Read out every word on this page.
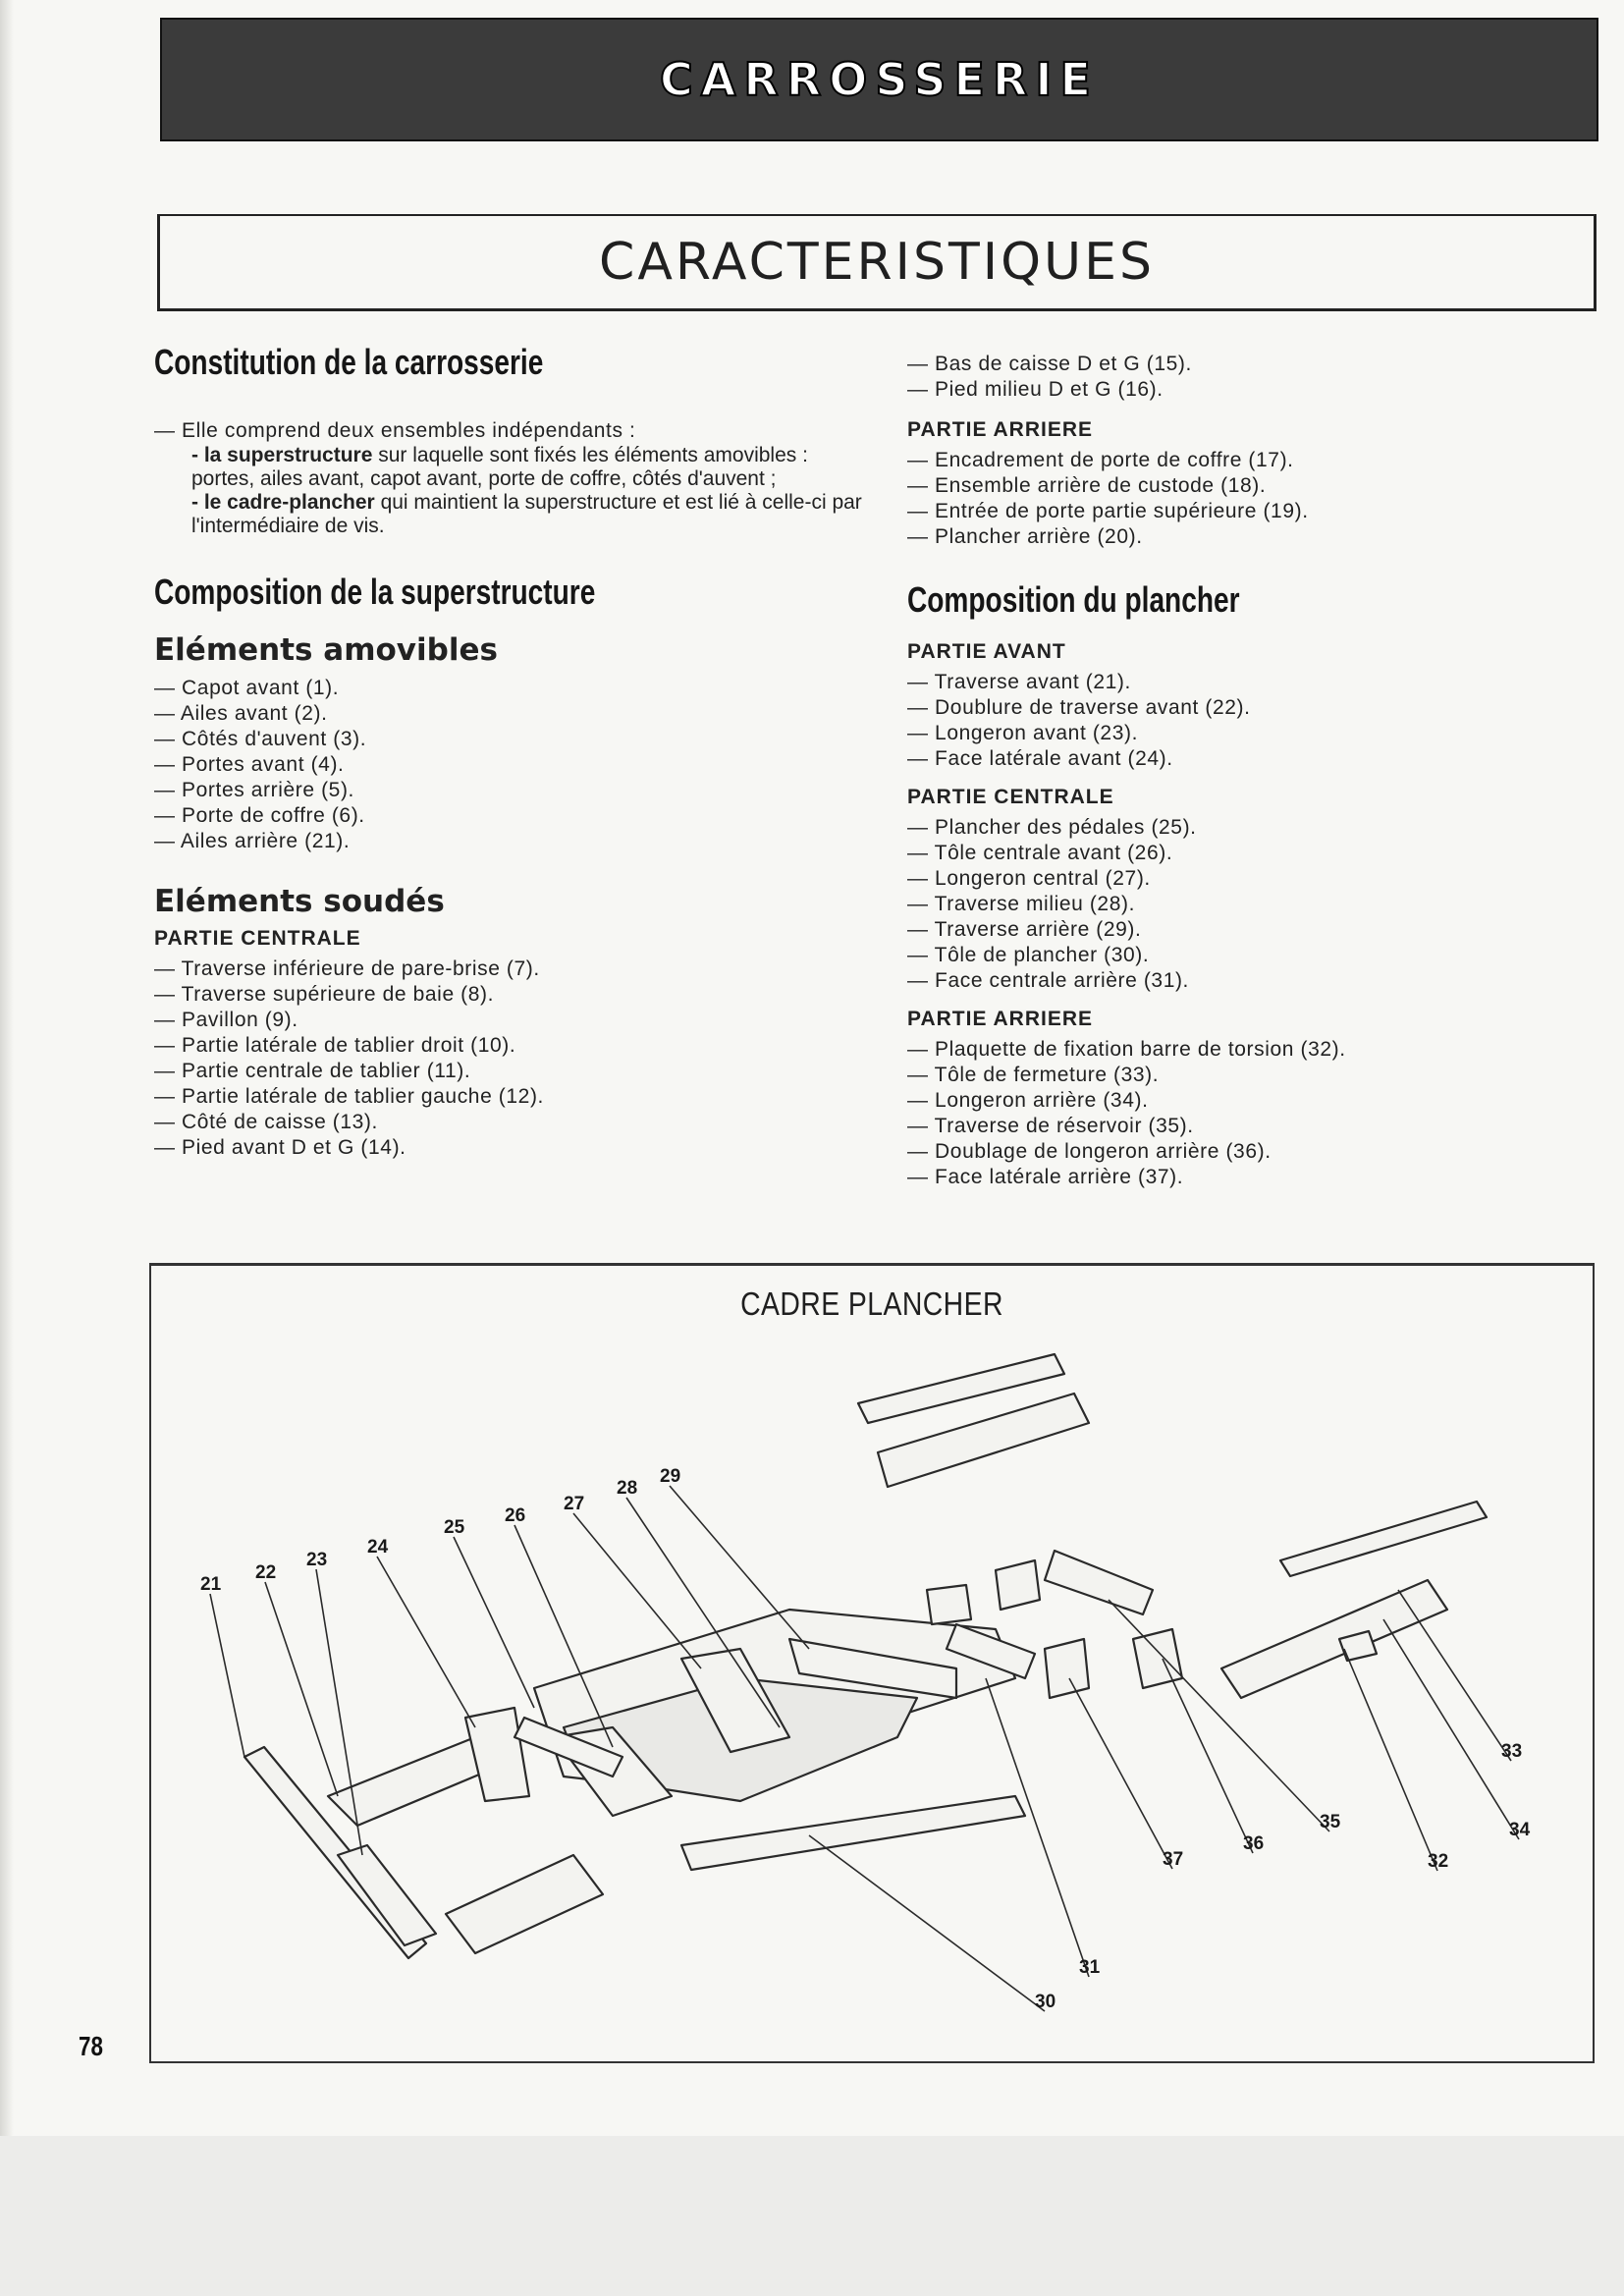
CARROSSERIE
CARACTERISTIQUES
Constitution de la carrosserie

— Elle comprend deux ensembles indépendants :

- la superstructure sur laquelle sont fixés les éléments amovibles : portes, ailes avant, capot avant, porte de coffre, côtés d'auvent ;

- le cadre-plancher qui maintient la superstructure et est lié à celle-ci par l'intermédiaire de vis.

Composition de la superstructure
Eléments amovibles

— Capot avant (1).

— Ailes avant (2).

— Côtés d'auvent (3).

— Portes avant (4).

— Portes arrière (5).

— Porte de coffre (6).

— Ailes arrière (21).

Eléments soudés

PARTIE CENTRALE

— Traverse inférieure de pare-brise (7).

— Traverse supérieure de baie (8).

— Pavillon (9).

— Partie latérale de tablier droit (10).

— Partie centrale de tablier (11).

— Partie latérale de tablier gauche (12).

— Côté de caisse (13).

— Pied avant D et G (14).

— Bas de caisse D et G (15).

— Pied milieu D et G (16).

PARTIE ARRIERE

— Encadrement de porte de coffre (17).

— Ensemble arrière de custode (18).

— Entrée de porte partie supérieure (19).

— Plancher arrière (20).

Composition du plancher

PARTIE AVANT

— Traverse avant (21).

— Doublure de traverse avant (22).

— Longeron avant (23).

— Face latérale avant (24).

PARTIE CENTRALE

— Plancher des pédales (25).

— Tôle centrale avant (26).

— Longeron central (27).

— Traverse milieu (28).

— Traverse arrière (29).

— Tôle de plancher (30).

— Face centrale arrière (31).

PARTIE ARRIERE

— Plaquette de fixation barre de torsion (32).

— Tôle de fermeture (33).

— Longeron arrière (34).

— Traverse de réservoir (35).

— Doublage de longeron arrière (36).

— Face latérale arrière (37).

CADRE PLANCHER
21
22
23
24
25
26
27
28
29
30
31
32
33
34
35
36
37
78
